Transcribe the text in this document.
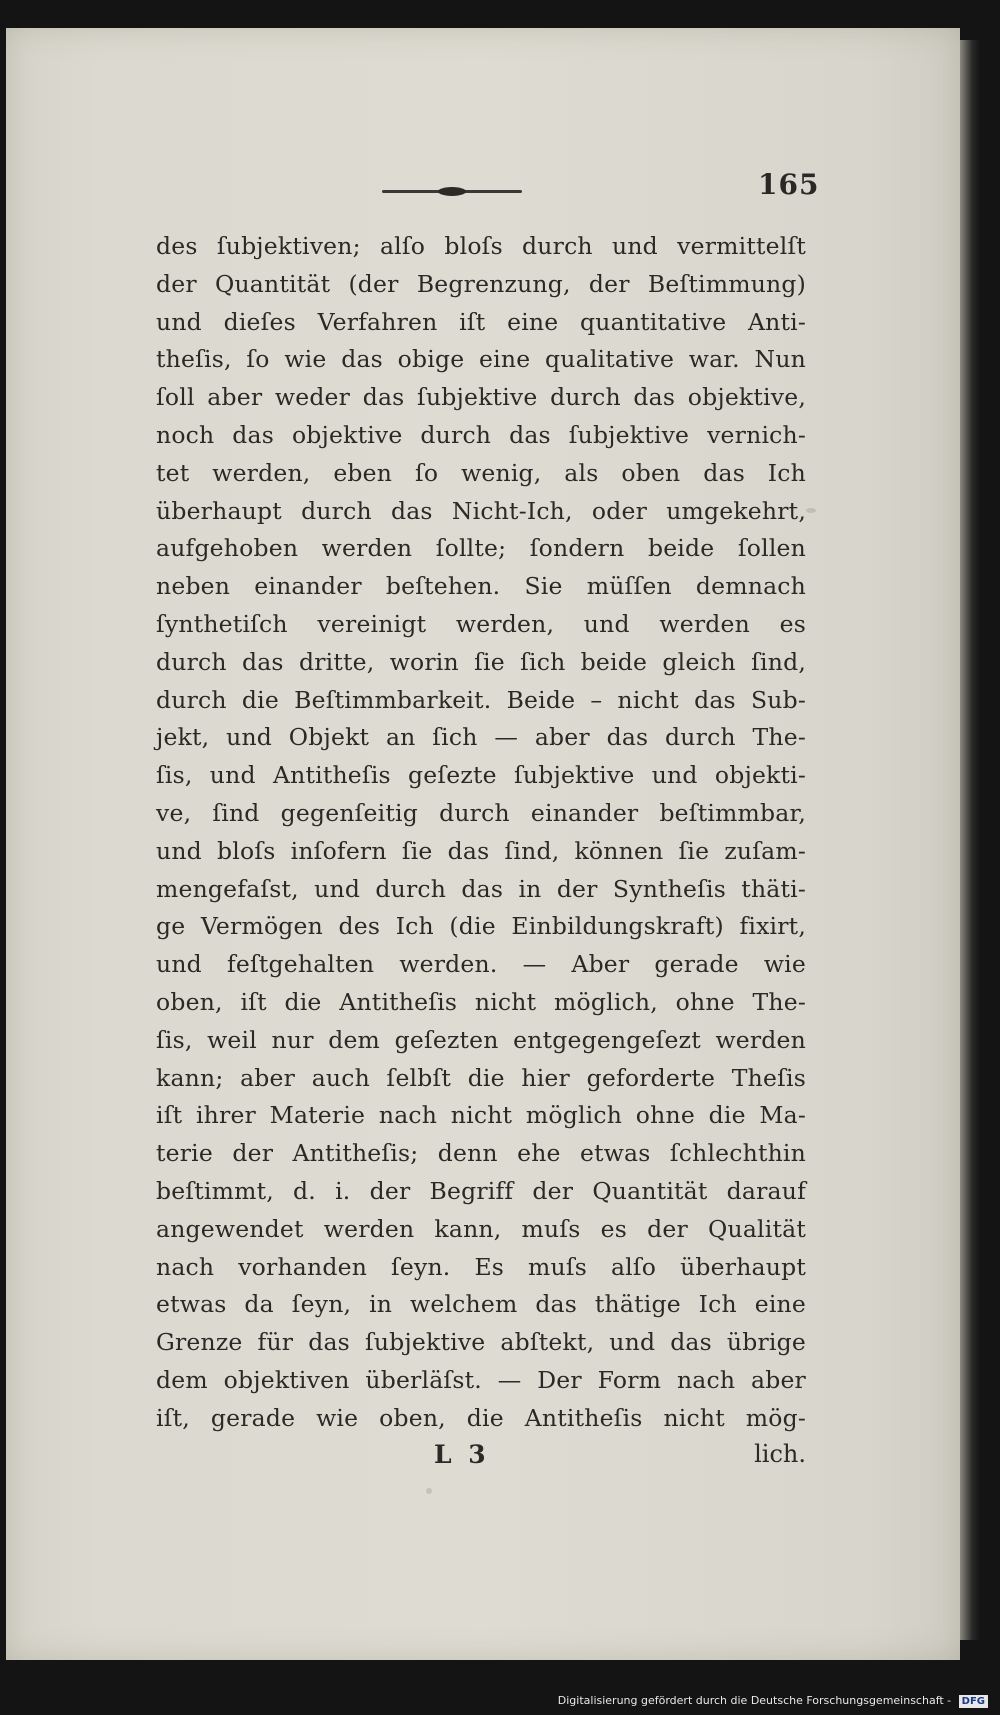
165
des ſubjektiven; alſo bloſs durch und vermittelſt
der Quantität (der Begrenzung, der Beſtimmung)
und dieſes Verfahren iſt eine quantitative Anti-
theſis, ſo wie das obige eine qualitative war. Nun
ſoll aber weder das ſubjektive durch das objektive,
noch das objektive durch das ſubjektive vernich-
tet werden, eben ſo wenig, als oben das Ich
überhaupt durch das Nicht-Ich, oder umgekehrt,
aufgehoben werden ſollte; ſondern beide ſollen
neben einander beſtehen. Sie müſſen demnach
ſynthetiſch vereinigt werden, und werden es
durch das dritte, worin ſie ſich beide gleich ſind,
durch die Beſtimmbarkeit. Beide – nicht das Sub-
jekt, und Objekt an ſich — aber das durch The-
ſis, und Antitheſis geſezte ſubjektive und objekti-
ve, ſind gegenſeitig durch einander beſtimmbar,
und bloſs inſofern ſie das ſind, können ſie zuſam-
mengefaſst, und durch das in der Syntheſis thäti-
ge Vermögen des Ich (die Einbildungskraft) fixirt,
und feſtgehalten werden. — Aber gerade wie
oben, iſt die Antitheſis nicht möglich, ohne The-
ſis, weil nur dem geſezten entgegengeſezt werden
kann; aber auch ſelbſt die hier geforderte Theſis
iſt ihrer Materie nach nicht möglich ohne die Ma-
terie der Antitheſis; denn ehe etwas ſchlechthin
beſtimmt, d. i. der Begriff der Quantität darauf
angewendet werden kann, muſs es der Qualität
nach vorhanden ſeyn. Es muſs alſo überhaupt
etwas da ſeyn, in welchem das thätige Ich eine
Grenze für das ſubjektive abſtekt, und das übrige
dem objektiven überläſst. — Der Form nach aber
iſt, gerade wie oben, die Antitheſis nicht mög-
L 3	lich.
Digitalisierung gefördert durch die Deutsche Forschungsgemeinschaft - DFG
